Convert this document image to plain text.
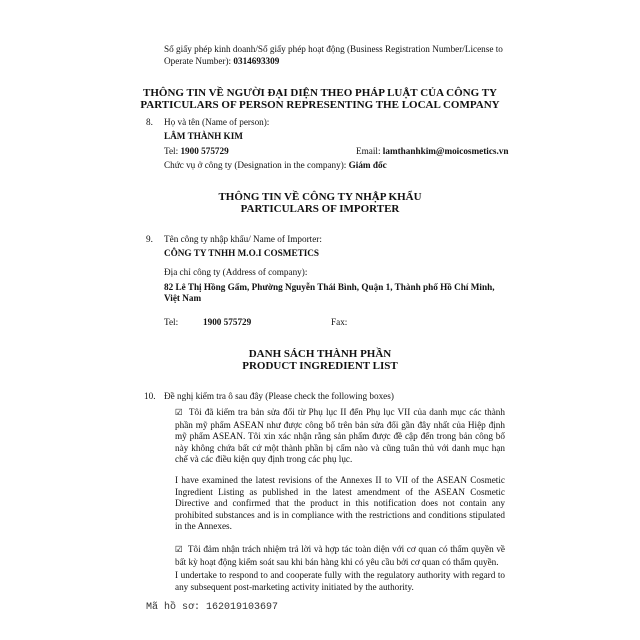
Số giấy phép kinh doanh/Số giấy phép hoạt động (Business Registration Number/License to
Operate Number): 0314693309
THÔNG TIN VỀ NGƯỜI ĐẠI DIỆN THEO PHÁP LUẬT CỦA CÔNG TY
PARTICULARS OF PERSON REPRESENTING THE LOCAL COMPANY
8. Họ và tên (Name of person):
LÂM THÀNH KIM
Tel: 1900 575729	Email: lamthanhkim@moicosmetics.vn
Chức vụ ở công ty (Designation in the company): Giám đốc
THÔNG TIN VỀ CÔNG TY NHẬP KHẨU
PARTICULARS OF IMPORTER
9. Tên công ty nhập khẩu/ Name of Importer:
CÔNG TY TNHH M.O.I COSMETICS
Địa chỉ công ty (Address of company):
82 Lê Thị Hồng Gấm, Phường Nguyễn Thái Bình, Quận 1, Thành phố Hồ Chí Minh,
Việt Nam
Tel:	1900 575729	Fax:
DANH SÁCH THÀNH PHẦN
PRODUCT INGREDIENT LIST
10. Đề nghị kiểm tra ô sau đây (Please check the following boxes)
☑ Tôi đã kiểm tra bản sửa đổi từ Phụ lục II đến Phụ lục VII của danh mục các thành phần mỹ phẩm ASEAN như được công bố trên bản sửa đổi gần đây nhất của Hiệp định mỹ phẩm ASEAN. Tôi xin xác nhận rằng sản phẩm được đề cập đến trong bản công bố này không chứa bất cứ một thành phần bị cấm nào và cũng tuân thủ với danh mục hạn chế và các điều kiện quy định trong các phụ lục.
I have examined the latest revisions of the Annexes II to VII of the ASEAN Cosmetic Ingredient Listing as published in the latest amendment of the ASEAN Cosmetic Directive and confirmed that the product in this notification does not contain any prohibited substances and is in compliance with the restrictions and conditions stipulated in the Annexes.
☑ Tôi đảm nhận trách nhiệm trả lời và hợp tác toàn diện với cơ quan có thẩm quyền về bất kỳ hoạt động kiểm soát sau khi bán hàng khi có yêu cầu bởi cơ quan có thẩm quyền.
I undertake to respond to and cooperate fully with the regulatory authority with regard to any subsequent post-marketing activity initiated by the authority.
Mã hồ sơ: 162019103697
